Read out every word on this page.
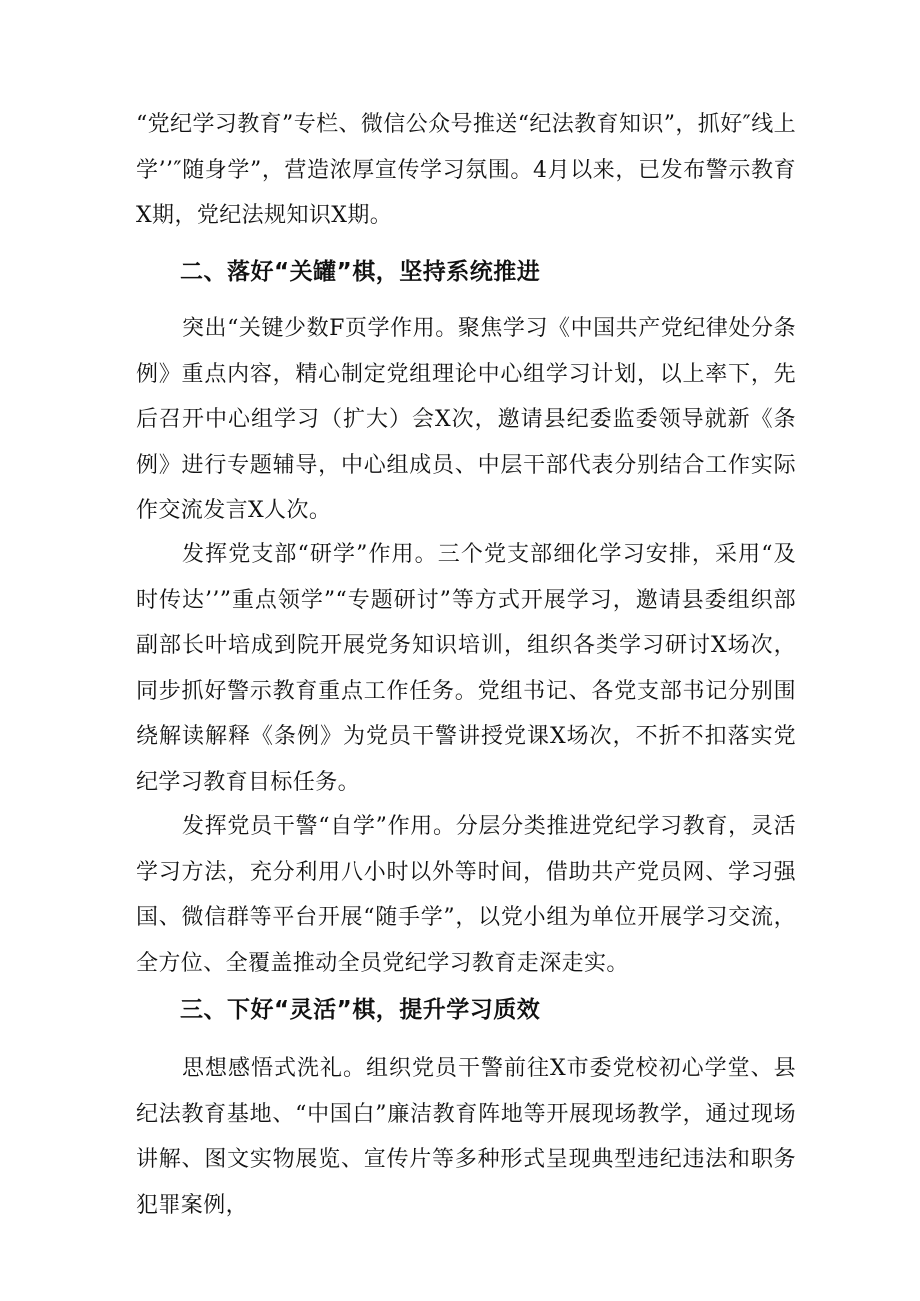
“党纪学习教育”专栏、微信公众号推送“纪法教育知识”，抓好″线上学’’″随身学”，营造浓厚宣传学习氛围。4月以来，已发布警示教育X期，党纪法规知识X期。

二、落好“关罐”棋，坚持系统推进

突出“关键少数F页学作用。聚焦学习《中国共产党纪律处分条例》重点内容，精心制定党组理论中心组学习计划，以上率下，先后召开中心组学习（扩大）会X次，邀请县纪委监委领导就新《条例》进行专题辅导，中心组成员、中层干部代表分别结合工作实际作交流发言X人次。

发挥党支部“研学”作用。三个党支部细化学习安排，采用“及时传达’’”重点领学”“专题研讨”等方式开展学习，邀请县委组织部副部长叶培成到院开展党务知识培训，组织各类学习研讨X场次，同步抓好警示教育重点工作任务。党组书记、各党支部书记分别围绕解读解释《条例》为党员干警讲授党课X场次，不折不扣落实党纪学习教育目标任务。

发挥党员干警“自学”作用。分层分类推进党纪学习教育，灵活学习方法，充分利用八小时以外等时间，借助共产党员网、学习强国、微信群等平台开展“随手学”，以党小组为单位开展学习交流，全方位、全覆盖推动全员党纪学习教育走深走实。

三、下好“灵活”棋，提升学习质效

思想感悟式洗礼。组织党员干警前往X市委党校初心学堂、县纪法教育基地、“中国白”廉洁教育阵地等开展现场教学，通过现场讲解、图文实物展览、宣传片等多种形式呈现典型违纪违法和职务犯罪案例，
